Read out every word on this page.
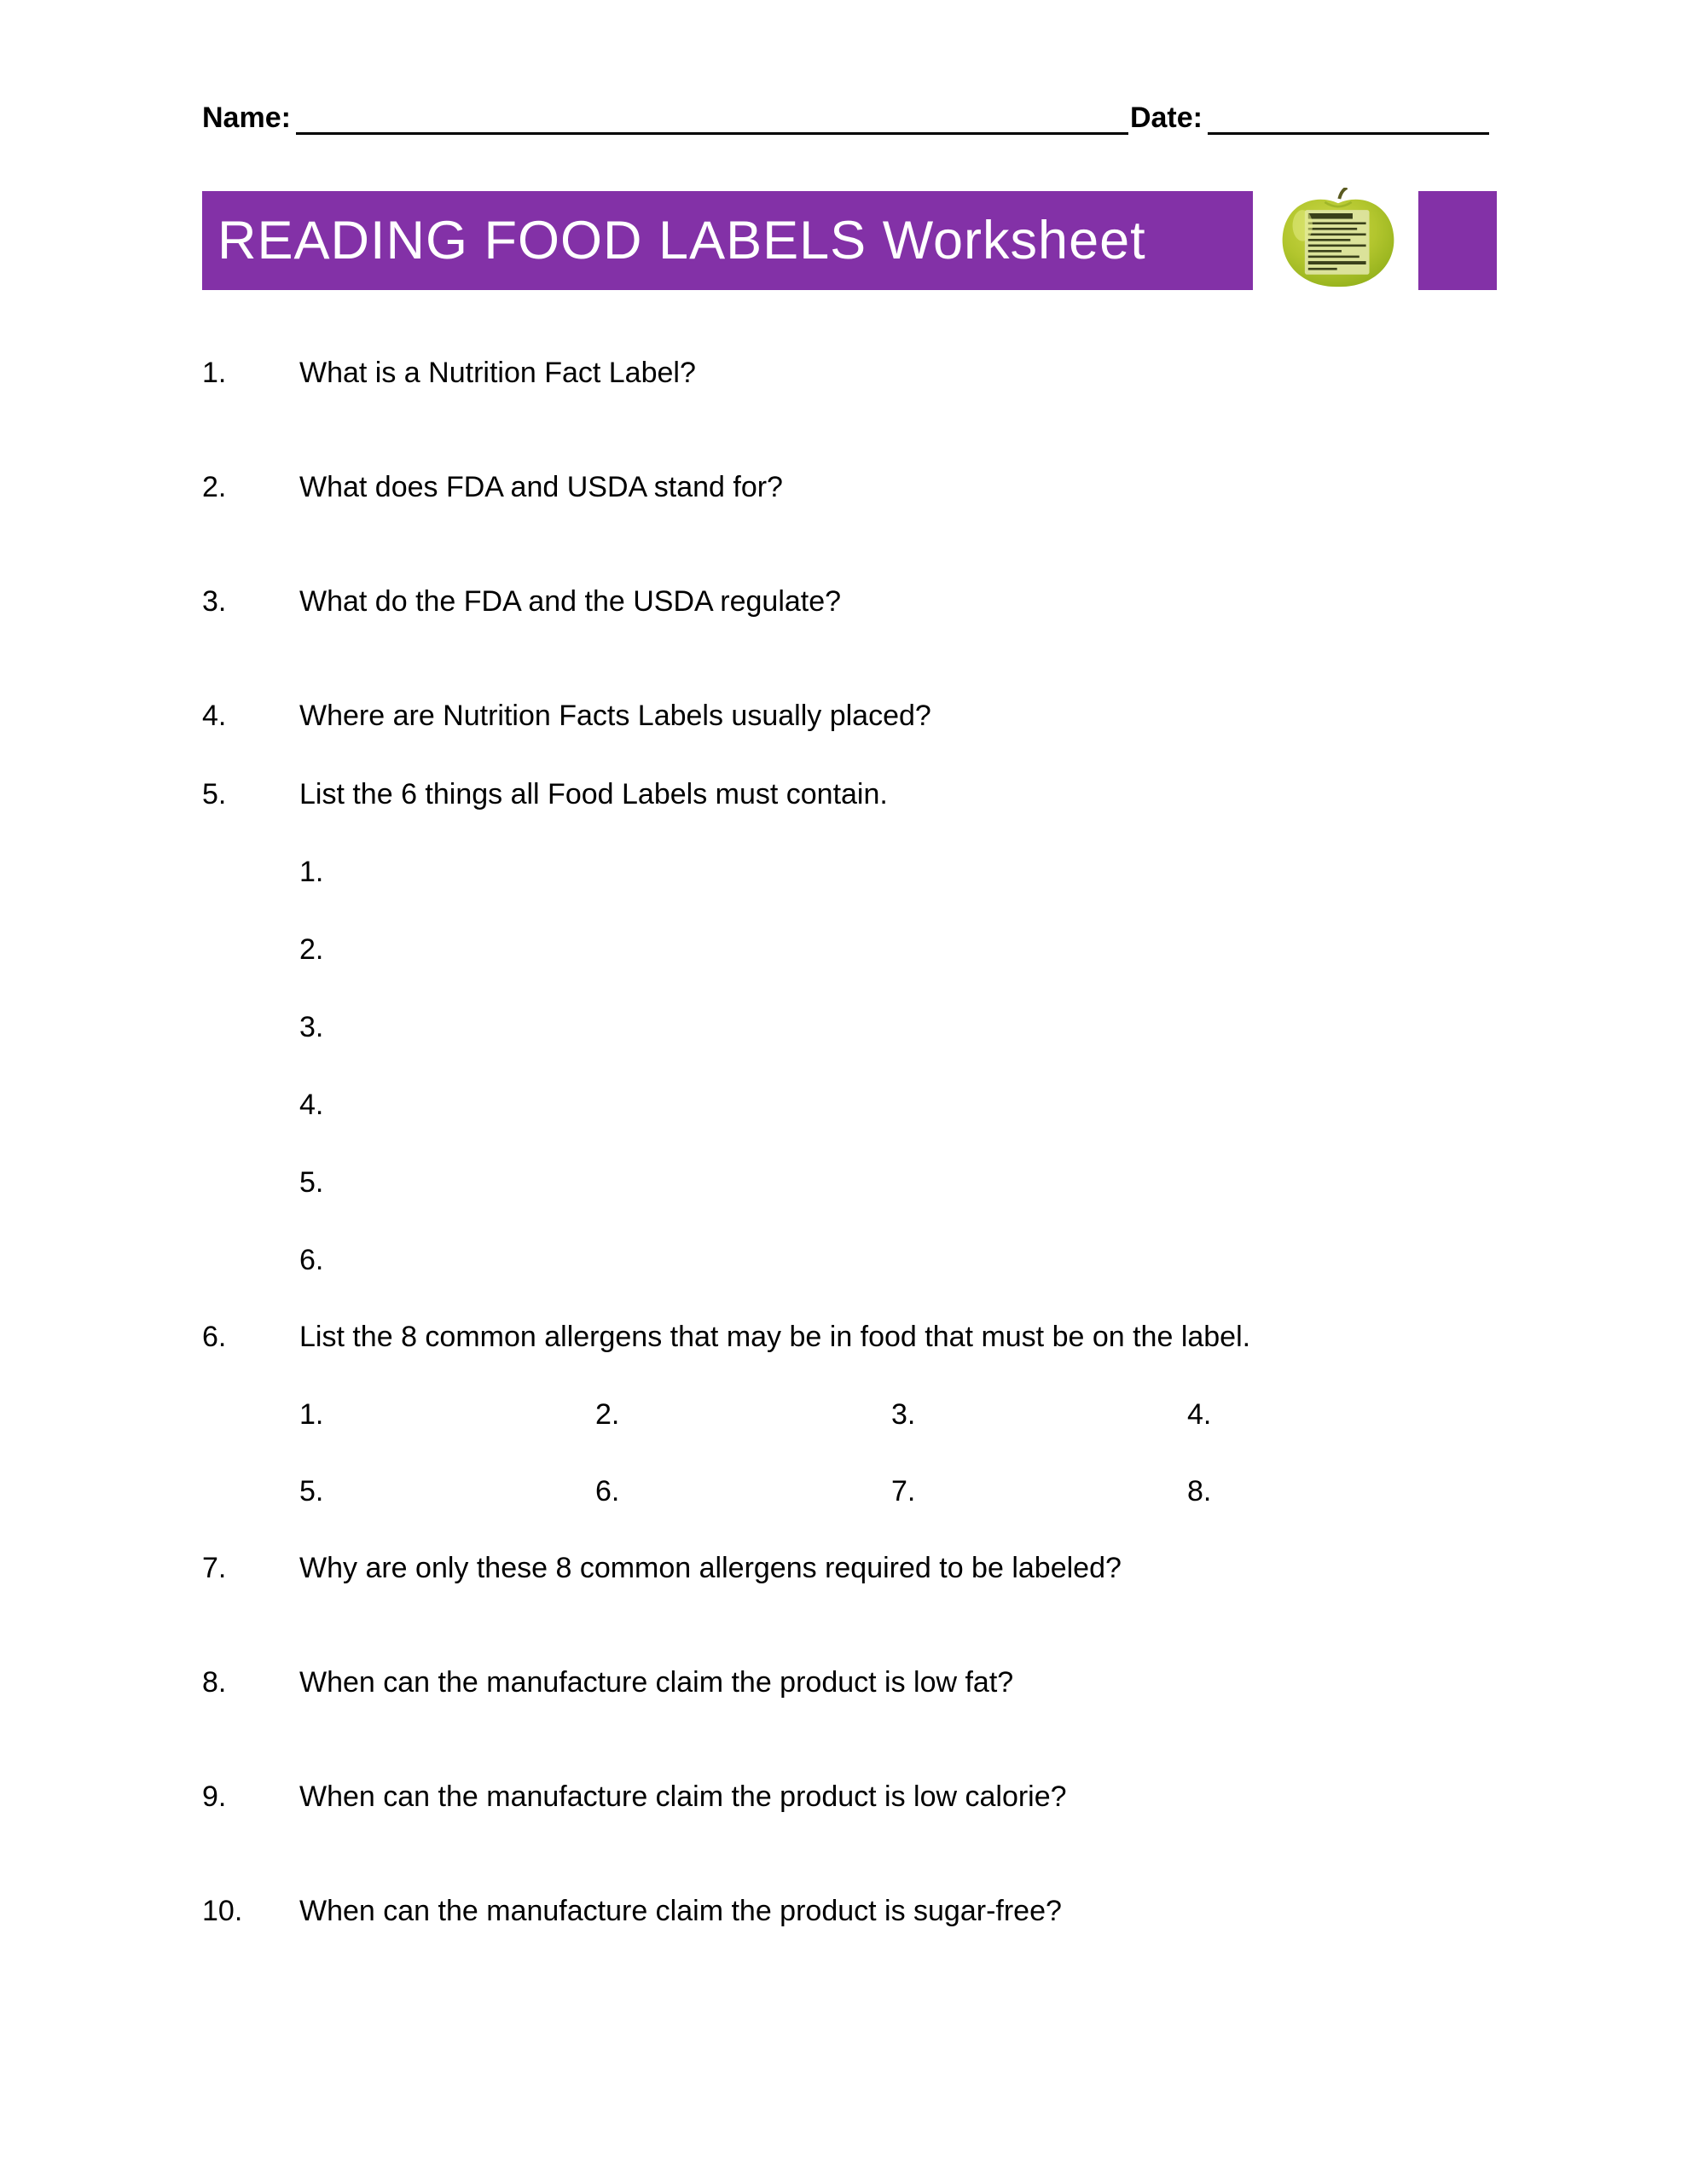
Name:	Date:
READING FOOD LABELS Worksheet
1.	What is a Nutrition Fact Label?
2.	What does FDA and USDA stand for?
3.	What do the FDA and the USDA regulate?
4.	Where are Nutrition Facts Labels usually placed?
5.	List the 6 things all Food Labels must contain.
1.
2.
3.
4.
5.
6.
6.	List the 8 common allergens that may be in food that must be on the label.
1.	2.	3.	4.
5.	6.	7.	8.
7.	Why are only these 8 common allergens required to be labeled?
8.	When can the manufacture claim the product is low fat?
9.	When can the manufacture claim the product is low calorie?
10.	When can the manufacture claim the product is sugar-free?
